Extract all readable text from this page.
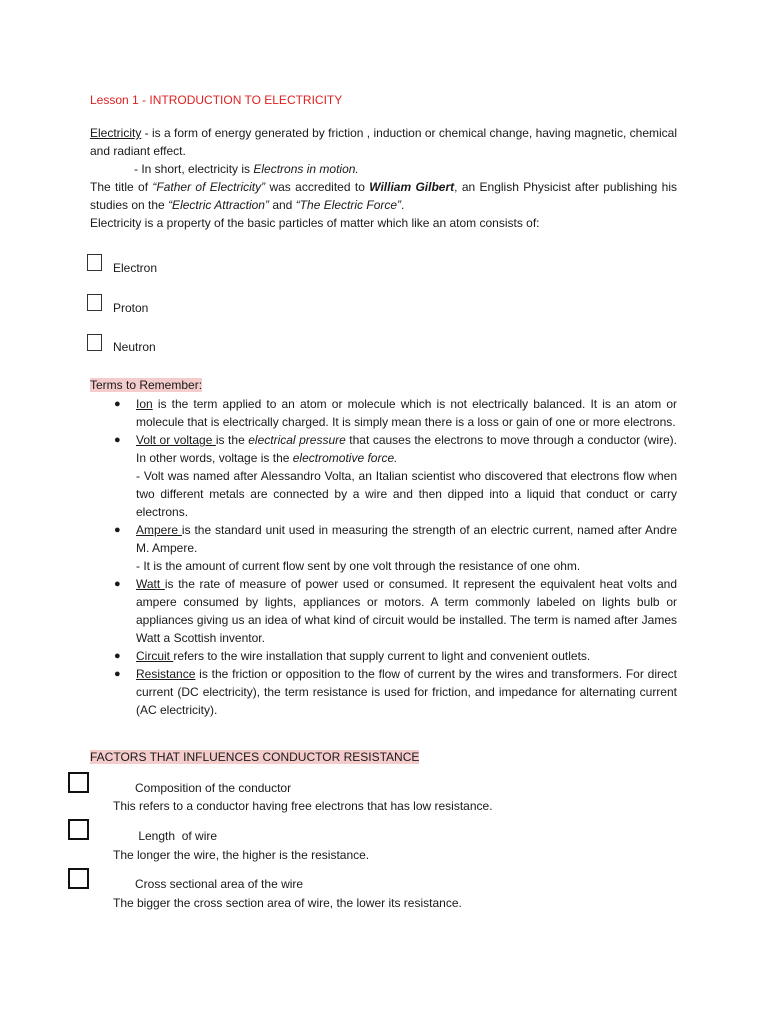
Lesson 1 - INTRODUCTION TO ELECTRICITY
Electricity - is a form of energy generated by friction , induction or chemical change, having magnetic, chemical and radiant effect.
- In short, electricity is Electrons in motion.
The title of “Father of Electricity” was accredited to William Gilbert, an English Physicist after publishing his studies on the “Electric Attraction” and “The Electric Force”.
Electricity is a property of the basic particles of matter which like an atom consists of:
Electron
Proton
Neutron
Terms to Remember:
● Ion is the term applied to an atom or molecule which is not electrically balanced. It is an atom or molecule that is electrically charged. It is simply mean there is a loss or gain of one or more electrons.
● Volt or voltage is the electrical pressure that causes the electrons to move through a conductor (wire). In other words, voltage is the electromotive force.
- Volt was named after Alessandro Volta, an Italian scientist who discovered that electrons flow when two different metals are connected by a wire and then dipped into a liquid that conduct or carry electrons.
● Ampere is the standard unit used in measuring the strength of an electric current, named after Andre M. Ampere.
- It is the amount of current flow sent by one volt through the resistance of one ohm.
● Watt is the rate of measure of power used or consumed. It represent the equivalent heat volts and ampere consumed by lights, appliances or motors. A term commonly labeled on lights bulb or appliances giving us an idea of what kind of circuit would be installed. The term is named after James Watt a Scottish inventor.
● Circuit refers to the wire installation that supply current to light and convenient outlets.
● Resistance is the friction or opposition to the flow of current by the wires and transformers. For direct current (DC electricity), the term resistance is used for friction, and impedance for alternating current (AC electricity).
FACTORS THAT INFLUENCES CONDUCTOR RESISTANCE
Composition of the conductor
This refers to a conductor having free electrons that has low resistance.
Length  of wire
The longer the wire, the higher is the resistance.
Cross sectional area of the wire
The bigger the cross section area of wire, the lower its resistance.
